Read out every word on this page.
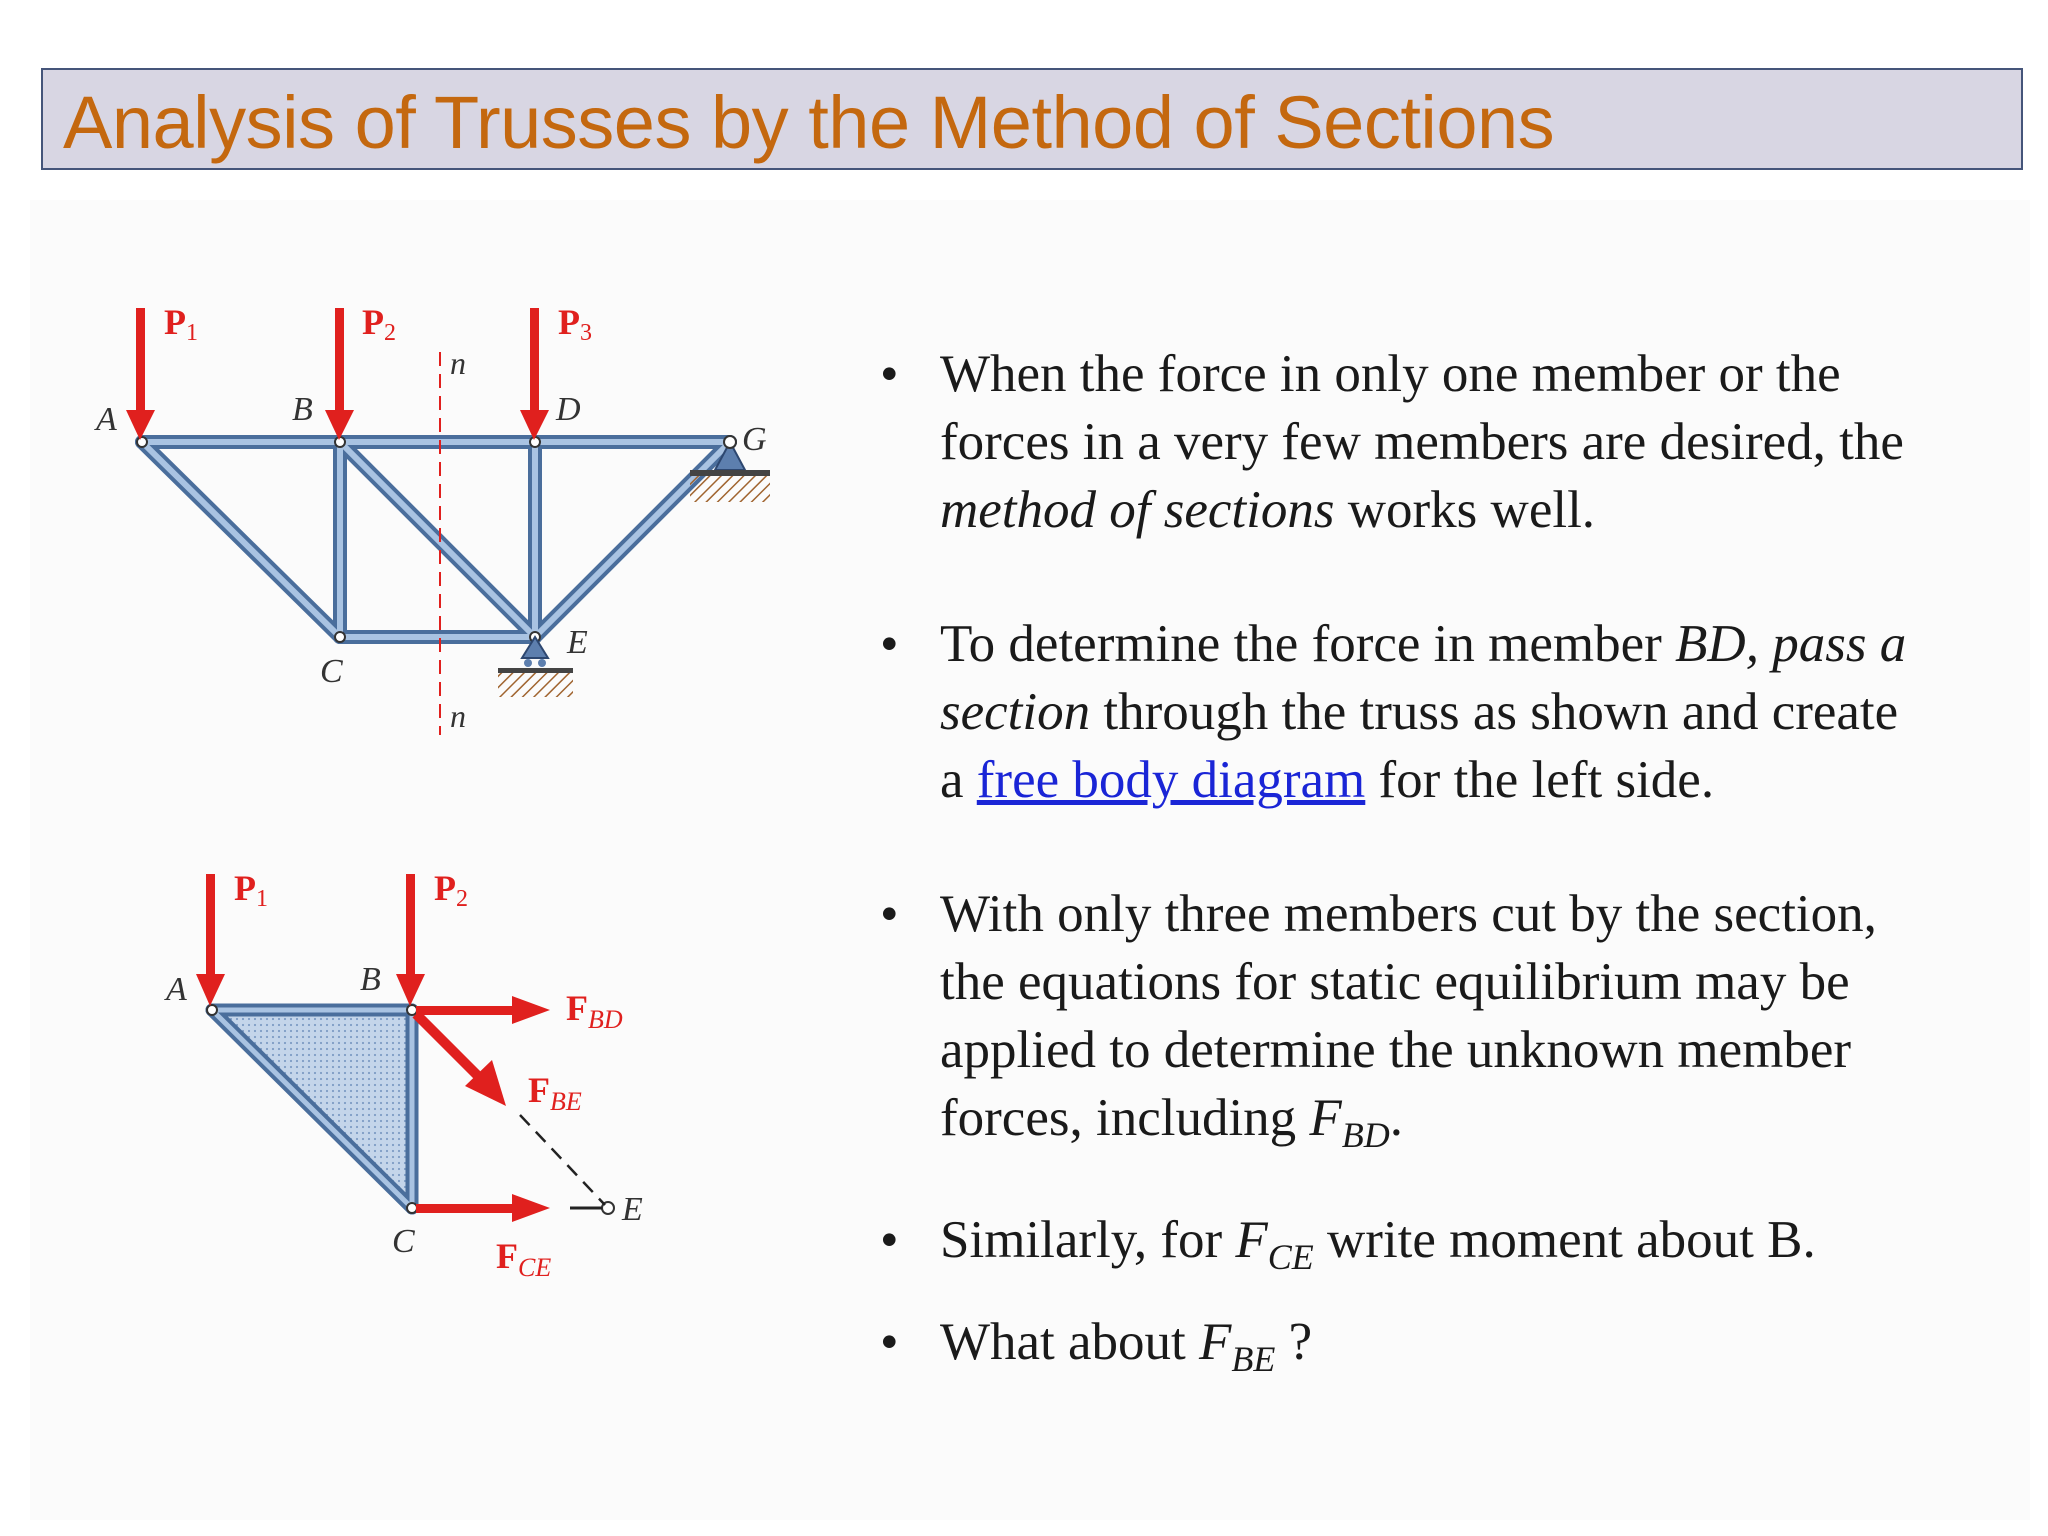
Analysis of Trusses by the Method of Sections
n
n
P1	P2	P3
A	B
C
D
E
G
P1	P2
$F_{BD}$
$F_{BE}$
$F_{CE}$
A	B
C
E
• When the force in only one member or the
forces in a very few members are desired, the
method of sections works well.
• To determine the force in member BD, pass a
section through the truss as shown and create
a free body diagram for the left side.
• With only three members cut by the section,
the equations for static equilibrium may be
applied to determine the unknown member
forces, including $F_{BD}$.
• Similarly, for $F_{CE}$ write moment about B.
• What about $F_{BE}$ ?
